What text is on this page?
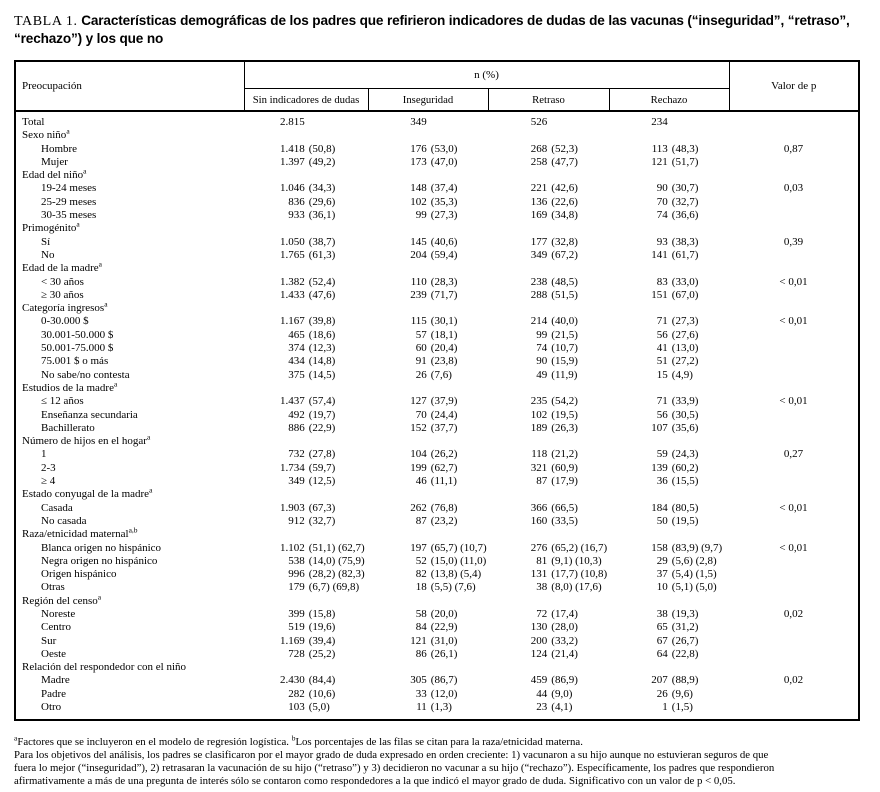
TABLA 1. Características demográficas de los padres que refirieron indicadores de dudas de las vacunas (“inseguridad”, “retraso”, “rechazo”) y los que no
Preocupación	n (%)				Valor de p
	Sin indicadores de dudas	Inseguridad	Retraso	Rechazo	
Total	2.815	349	526	234	
Sexo niño$^a$					
Hombre	1.418 (50,8)	176 (53,0)	268 (52,3)	113 (48,3)	0,87
Mujer	1.397 (49,2)	173 (47,0)	258 (47,7)	121 (51,7)	
Edad del niño$^a$					
19-24 meses	1.046 (34,3)	148 (37,4)	221 (42,6)	90 (30,7)	0,03
25-29 meses	836 (29,6)	102 (35,3)	136 (22,6)	70 (32,7)	
30-35 meses	933 (36,1)	99 (27,3)	169 (34,8)	74 (36,6)	
Primogénito$^a$					
Sí	1.050 (38,7)	145 (40,6)	177 (32,8)	93 (38,3)	0,39
No	1.765 (61,3)	204 (59,4)	349 (67,2)	141 (61,7)	
Edad de la madre$^a$					
< 30 años	1.382 (52,4)	110 (28,3)	238 (48,5)	83 (33,0)	< 0,01
≥ 30 años	1.433 (47,6)	239 (71,7)	288 (51,5)	151 (67,0)	
Categoría ingresos$^a$					
0-30.000 $	1.167 (39,8)	115 (30,1)	214 (40,0)	71 (27,3)	< 0,01
30.001-50.000 $	465 (18,6)	57 (18,1)	99 (21,5)	56 (27,6)	
50.001-75.000 $	374 (12,3)	60 (20,4)	74 (10,7)	41 (13,0)	
75.001 $ o más	434 (14,8)	91 (23,8)	90 (15,9)	51 (27,2)	
No sabe/no contesta	375 (14,5)	26 (7,6)	49 (11,9)	15 (4,9)	
Estudios de la madre$^a$					
≤ 12 años	1.437 (57,4)	127 (37,9)	235 (54,2)	71 (33,9)	< 0,01
Enseñanza secundaria	492 (19,7)	70 (24,4)	102 (19,5)	56 (30,5)	
Bachillerato	886 (22,9)	152 (37,7)	189 (26,3)	107 (35,6)	
Número de hijos en el hogar$^a$					
1	732 (27,8)	104 (26,2)	118 (21,2)	59 (24,3)	0,27
2-3	1.734 (59,7)	199 (62,7)	321 (60,9)	139 (60,2)	
≥ 4	349 (12,5)	46 (11,1)	87 (17,9)	36 (15,5)	
Estado conyugal de la madre$^a$					
Casada	1.903 (67,3)	262 (76,8)	366 (66,5)	184 (80,5)	< 0,01
No casada	912 (32,7)	87 (23,2)	160 (33,5)	50 (19,5)	
Raza/etnicidad maternal$^{a,b}$					
Blanca origen no hispánico	1.102 (51,1) (62,7)	197 (65,7) (10,7)	276 (65,2) (16,7)	158 (83,9) (9,7)	< 0,01
Negra origen no hispánico	538 (14,0) (75,9)	52 (15,0) (11,0)	81 (9,1) (10,3)	29 (5,6) (2,8)	
Origen hispánico	996 (28,2) (82,3)	82 (13,8) (5,4)	131 (17,7) (10,8)	37 (5,4) (1,5)	
Otras	179 (6,7) (69,8)	18 (5,5) (7,6)	38 (8,0) (17,6)	10 (5,1) (5,0)	
Región del censo$^a$					
Noreste	399 (15,8)	58 (20,0)	72 (17,4)	38 (19,3)	0,02
Centro	519 (19,6)	84 (22,9)	130 (28,0)	65 (31,2)	
Sur	1.169 (39,4)	121 (31,0)	200 (33,2)	67 (26,7)	
Oeste	728 (25,2)	86 (26,1)	124 (21,4)	64 (22,8)	
Relación del respondedor con el niño					
Madre	2.430 (84,4)	305 (86,7)	459 (86,9)	207 (88,9)	0,02
Padre	282 (10,6)	33 (12,0)	44 (9,0)	26 (9,6)	
Otro	103 (5,0)	11 (1,3)	23 (4,1)	1 (1,5)	
$^a$Factores que se incluyeron en el modelo de regresión logística. $^b$Los porcentajes de las filas se citan para la raza/etnicidad materna.
Para los objetivos del análisis, los padres se clasificaron por el mayor grado de duda expresado en orden creciente: 1) vacunaron a su hijo aunque no estuvieran seguros de que
fuera lo mejor (“inseguridad”), 2) retrasaran la vacunación de su hijo (“retraso”) y 3) decidieron no vacunar a su hijo (“rechazo”). Específicamente, los padres que respondieron
afirmativamente a más de una pregunta de interés sólo se contaron como respondedores a la que indicó el mayor grado de duda. Significativo con un valor de p < 0,05.
